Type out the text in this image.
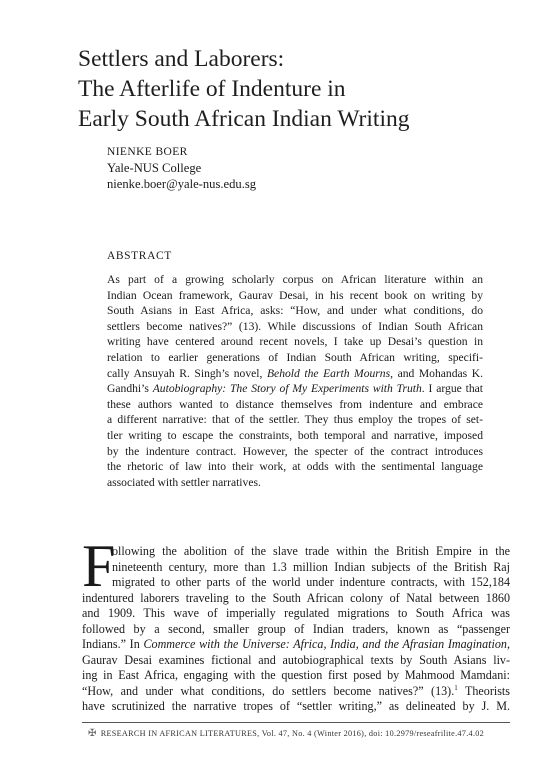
Settlers and Laborers:
The Afterlife of Indenture in
Early South African Indian Writing
NIENKE BOER
Yale-NUS College
nienke.boer@yale-nus.edu.sg
ABSTRACT
As part of a growing scholarly corpus on African literature within an
Indian Ocean framework, Gaurav Desai, in his recent book on writing by
South Asians in East Africa, asks: “How, and under what conditions, do
settlers become natives?” (13). While discussions of Indian South African
writing have centered around recent novels, I take up Desai’s question in
relation to earlier generations of Indian South African writing, specifi-
cally Ansuyah R. Singh’s novel, Behold the Earth Mourns, and Mohandas K.
Gandhi’s Autobiography: The Story of My Experiments with Truth. I argue that
these authors wanted to distance themselves from indenture and embrace
a different narrative: that of the settler. They thus employ the tropes of set-
tler writing to escape the constraints, both temporal and narrative, imposed
by the indenture contract. However, the specter of the contract introduces
the rhetoric of law into their work, at odds with the sentimental language
associated with settler narratives.
F
ollowing the abolition of the slave trade within the British Empire in the
nineteenth century, more than 1.3 million Indian subjects of the British Raj
migrated to other parts of the world under indenture contracts, with 152,184
indentured laborers traveling to the South African colony of Natal between 1860
and 1909. This wave of imperially regulated migrations to South Africa was
followed by a second, smaller group of Indian traders, known as “passenger
Indians.” In Commerce with the Universe: Africa, India, and the Afrasian Imagination,
Gaurav Desai examines fictional and autobiographical texts by South Asians liv-
ing in East Africa, engaging with the question first posed by Mahmood Mamdani:
“How, and under what conditions, do settlers become natives?” (13).$^1$ Theorists
have scrutinized the narrative tropes of “settler writing,” as delineated by J. M.
✠ RESEARCH IN AFRICAN LITERATURES, Vol. 47, No. 4 (Winter 2016), doi: 10.2979/reseafrilite.47.4.02
